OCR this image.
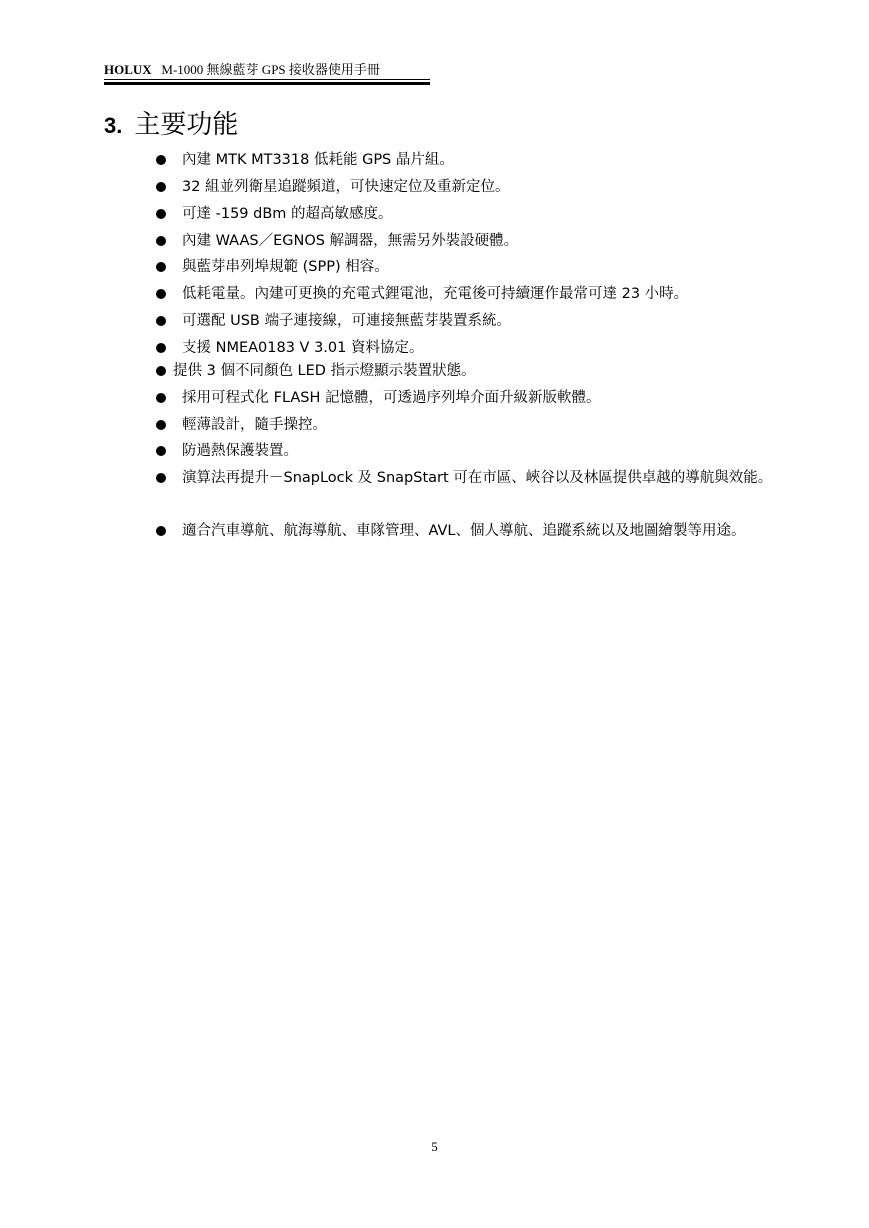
HOLUX M-1000 無線藍芽 GPS 接收器使用手冊
3. 主要功能
內建 MTK MT3318 低耗能 GPS 晶片組。
32 組並列衛星追蹤頻道，可快速定位及重新定位。
可達 -159 dBm 的超高敏感度。
內建 WAAS／EGNOS 解調器，無需另外裝設硬體。
與藍芽串列埠規範 (SPP) 相容。
低耗電量。內建可更換的充電式鋰電池，充電後可持續運作最常可達 23 小時。
可選配 USB 端子連接線，可連接無藍芽裝置系統。
支援 NMEA0183 V 3.01 資料協定。
提供 3 個不同顏色 LED 指示燈顯示裝置狀態。
採用可程式化 FLASH 記憶體，可透過序列埠介面升級新版軟體。
輕薄設計，隨手操控。
防過熱保護裝置。
演算法再提升－SnapLock 及 SnapStart 可在市區、峽谷以及林區提供卓越的導航與效能。
適合汽車導航、航海導航、車隊管理、AVL、個人導航、追蹤系統以及地圖繪製等用途。
5
